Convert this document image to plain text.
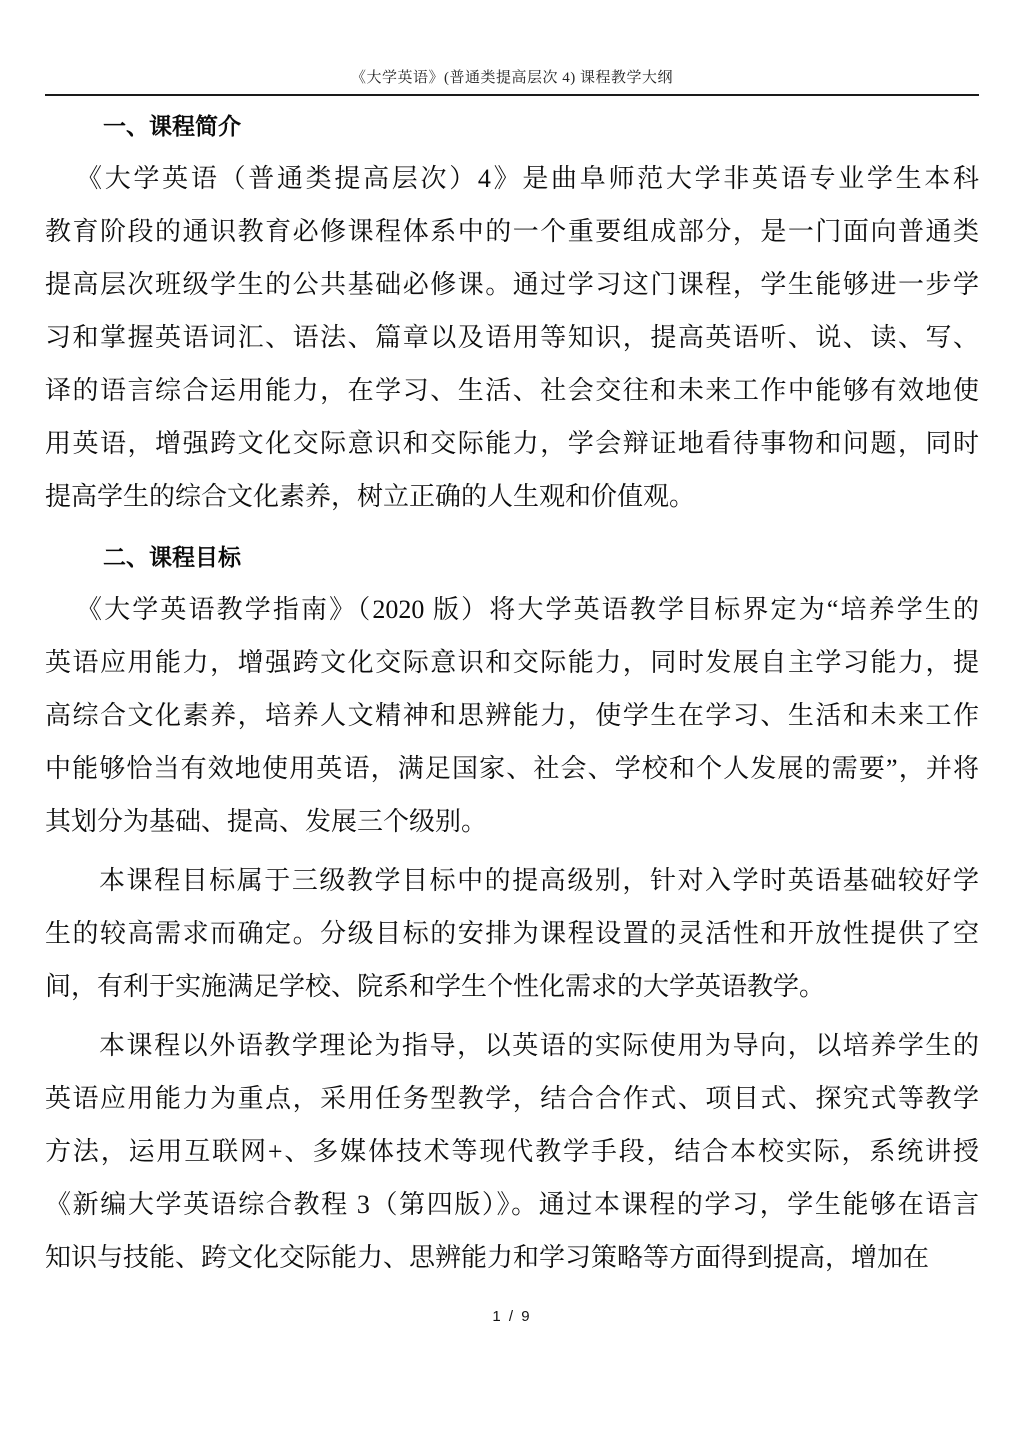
《大学英语》(普通类提高层次 4) 课程教学大纲
一、课程简介
《大学英语（普通类提高层次）4》是曲阜师范大学非英语专业学生本科
教育阶段的通识教育必修课程体系中的一个重要组成部分，是一门面向普通类
提高层次班级学生的公共基础必修课。通过学习这门课程，学生能够进一步学
习和掌握英语词汇、语法、篇章以及语用等知识，提高英语听、说、读、写、
译的语言综合运用能力，在学习、生活、社会交往和未来工作中能够有效地使
用英语，增强跨文化交际意识和交际能力，学会辩证地看待事物和问题，同时
提高学生的综合文化素养，树立正确的人生观和价值观。
二、课程目标
《大学英语教学指南》（2020 版）将大学英语教学目标界定为“培养学生的
英语应用能力，增强跨文化交际意识和交际能力，同时发展自主学习能力，提
高综合文化素养，培养人文精神和思辨能力，使学生在学习、生活和未来工作
中能够恰当有效地使用英语，满足国家、社会、学校和个人发展的需要”，并将
其划分为基础、提高、发展三个级别。
本课程目标属于三级教学目标中的提高级别，针对入学时英语基础较好学
生的较高需求而确定。分级目标的安排为课程设置的灵活性和开放性提供了空
间，有利于实施满足学校、院系和学生个性化需求的大学英语教学。
本课程以外语教学理论为指导，以英语的实际使用为导向，以培养学生的
英语应用能力为重点，采用任务型教学，结合合作式、项目式、探究式等教学
方法，运用互联网+、多媒体技术等现代教学手段，结合本校实际，系统讲授
《新编大学英语综合教程 3（第四版）》。通过本课程的学习，学生能够在语言
知识与技能、跨文化交际能力、思辨能力和学习策略等方面得到提高，增加在
1 / 9
